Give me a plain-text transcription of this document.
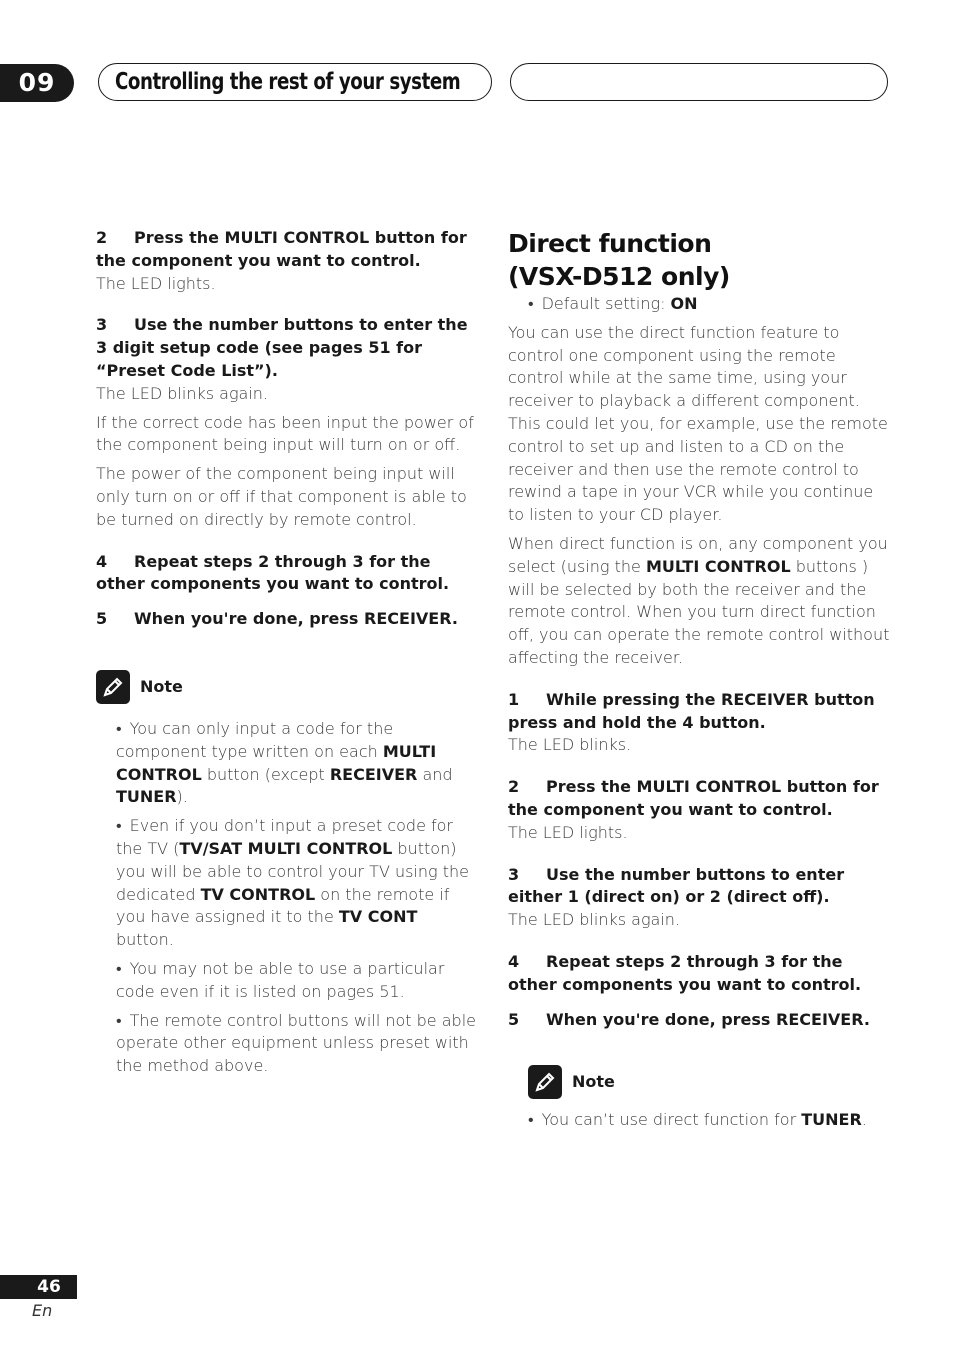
09	Controlling the rest of your system

2 Press the MULTI CONTROL button for the component you want to control.

The LED lights.

3 Use the number buttons to enter the 3 digit setup code (see pages 51 for “Preset Code List”).

The LED blinks again.

If the correct code has been input the power of the component being input will turn on or off.

The power of the component being input will only turn on or off if that component is able to be turned on directly by remote control.

4 Repeat steps 2 through 3 for the other components you want to control.

5 When you're done, press RECEIVER.

Note

• You can only input a code for the component type written on each MULTI CONTROL button (except RECEIVER and TUNER).

• Even if you don’t input a preset code for the TV (TV/SAT MULTI CONTROL button) you will be able to control your TV using the dedicated TV CONTROL on the remote if you have assigned it to the TV CONT button.

• You may not be able to use a particular code even if it is listed on pages 51.

• The remote control buttons will not be able operate other equipment unless preset with the method above.

Direct function
(VSX-D512 only)

• Default setting: ON

You can use the direct function feature to control one component using the remote control while at the same time, using your receiver to playback a different component. This could let you, for example, use the remote control to set up and listen to a CD on the receiver and then use the remote control to rewind a tape in your VCR while you continue to listen to your CD player.

When direct function is on, any component you select (using the MULTI CONTROL buttons ) will be selected by both the receiver and the remote control. When you turn direct function off, you can operate the remote control without affecting the receiver.

1 While pressing the RECEIVER button press and hold the 4 button.

The LED blinks.

2 Press the MULTI CONTROL button for the component you want to control.

The LED lights.

3 Use the number buttons to enter either 1 (direct on) or 2 (direct off).

The LED blinks again.

4 Repeat steps 2 through 3 for the other components you want to control.

5 When you're done, press RECEIVER.

Note

• You can’t use direct function for TUNER.

46
En
